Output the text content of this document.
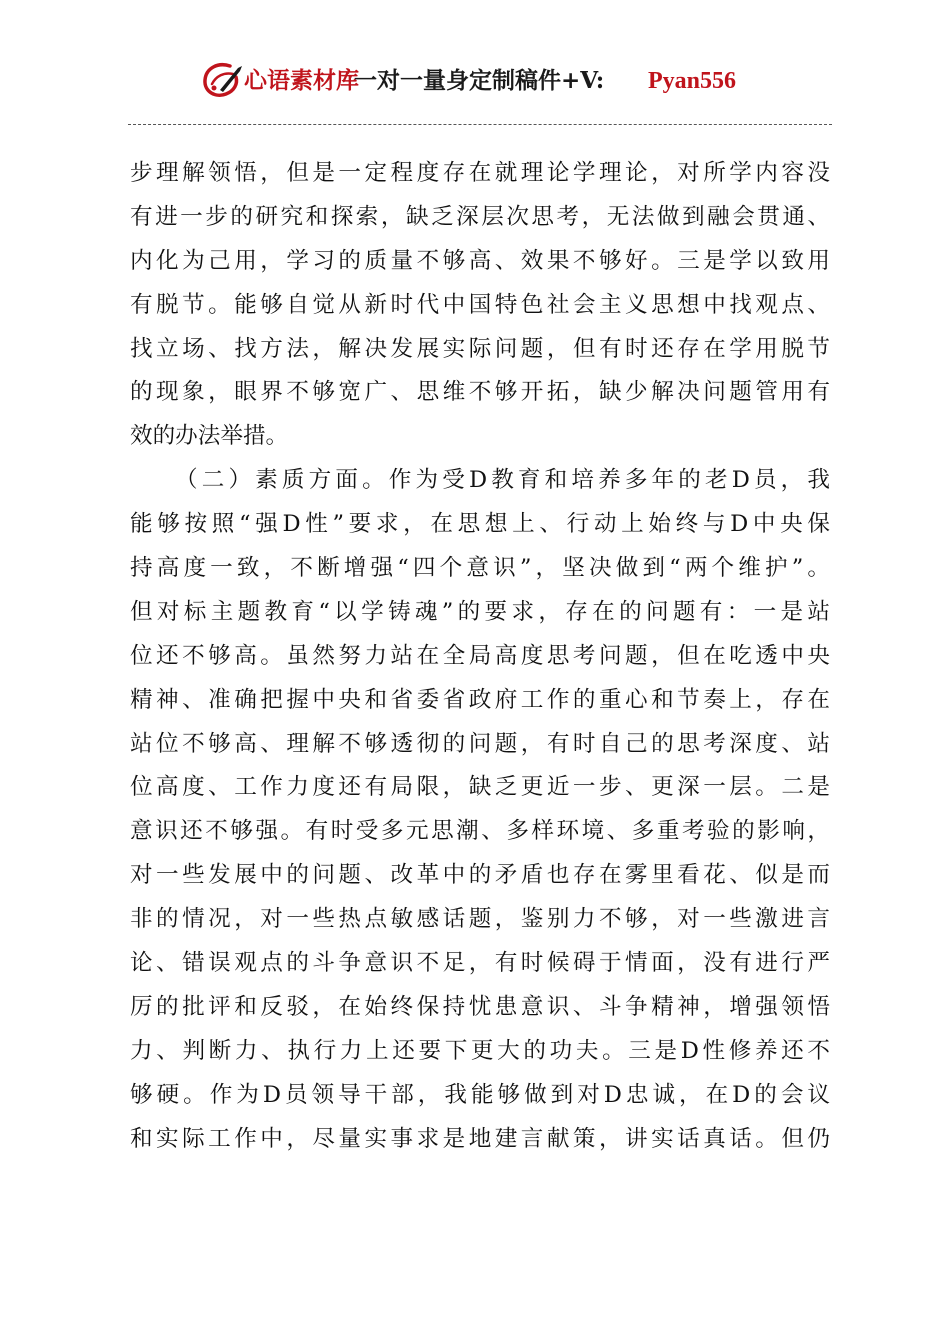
心语素材库
一对一量身定制稿件+V: Pyan556
步理解领悟，但是一定程度存在就理论学理论，对所学内容没
有进一步的研究和探索，缺乏深层次思考，无法做到融会贯通、
内化为己用，学习的质量不够高、效果不够好。三是学以致用
有脱节。能够自觉从新时代中国特色社会主义思想中找观点、
找立场、找方法，解决发展实际问题，但有时还存在学用脱节
的现象，眼界不够宽广、思维不够开拓，缺少解决问题管用有
效的办法举措。
（二）素质方面。作为受D教育和培养多年的老D员，我
能够按照“强D性”要求，在思想上、行动上始终与D中央保
持高度一致，不断增强“四个意识”，坚决做到“两个维护”。
但对标主题教育“以学铸魂”的要求，存在的问题有：一是站
位还不够高。虽然努力站在全局高度思考问题，但在吃透中央
精神、准确把握中央和省委省政府工作的重心和节奏上，存在
站位不够高、理解不够透彻的问题，有时自己的思考深度、站
位高度、工作力度还有局限，缺乏更近一步、更深一层。二是
意识还不够强。有时受多元思潮、多样环境、多重考验的影响，
对一些发展中的问题、改革中的矛盾也存在雾里看花、似是而
非的情况，对一些热点敏感话题，鉴别力不够，对一些激进言
论、错误观点的斗争意识不足，有时候碍于情面，没有进行严
厉的批评和反驳，在始终保持忧患意识、斗争精神，增强领悟
力、判断力、执行力上还要下更大的功夫。三是D性修养还不
够硬。作为D员领导干部，我能够做到对D忠诚，在D的会议
和实际工作中，尽量实事求是地建言献策，讲实话真话。但仍
